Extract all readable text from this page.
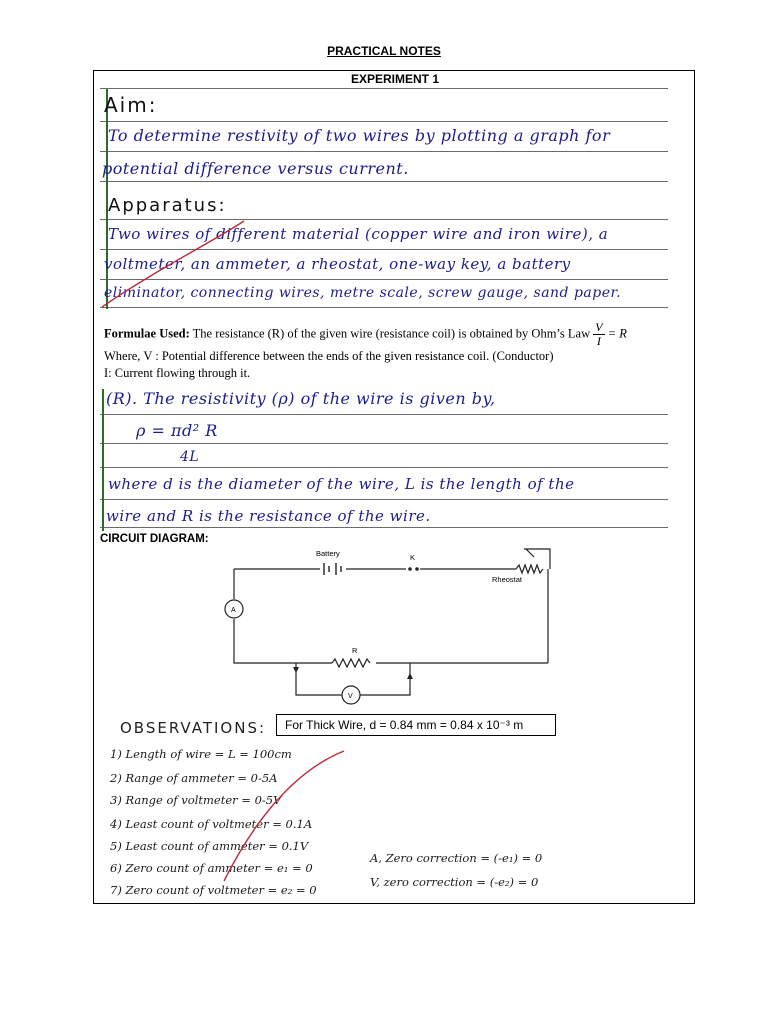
PRACTICAL NOTES
EXPERIMENT 1
Aim:
To determine restivity of two wires by plotting a graph for
potential difference versus current.
Apparatus:
Two wires of different material (copper wire and iron wire), a
voltmeter, an ammeter, a rheostat, one-way key, a battery
eliminator, connecting wires, metre scale, screw gauge, sand paper.
Formulae Used: The resistance (R) of the given wire (resistance coil) is obtained by Ohm’s Law $\frac{V}{I} = R$
Where, V : Potential difference between the ends of the given resistance coil. (Conductor)
I: Current flowing through it.
(R). The resistivity (ρ) of the wire is given by,
ρ = πd² R
4L
where d is the diameter of the wire, L is the length of the
wire and R is the resistance of the wire.
CIRCUIT DIAGRAM:
Battery	K
Rheostat
A
R
V
OBSERVATIONS:	For Thick Wire, d = 0.84 mm = 0.84 x 10⁻³ m
1) Length of wire = L = 100cm
2) Range of ammeter = 0-5A
3) Range of voltmeter = 0-5V
4) Least count of voltmeter = 0.1A
5) Least count of ammeter = 0.1V
6) Zero count of ammeter = e₁ = 0
7) Zero count of voltmeter = e₂ = 0
A, Zero correction = (-e₁) = 0
V, zero correction = (-e₂) = 0
